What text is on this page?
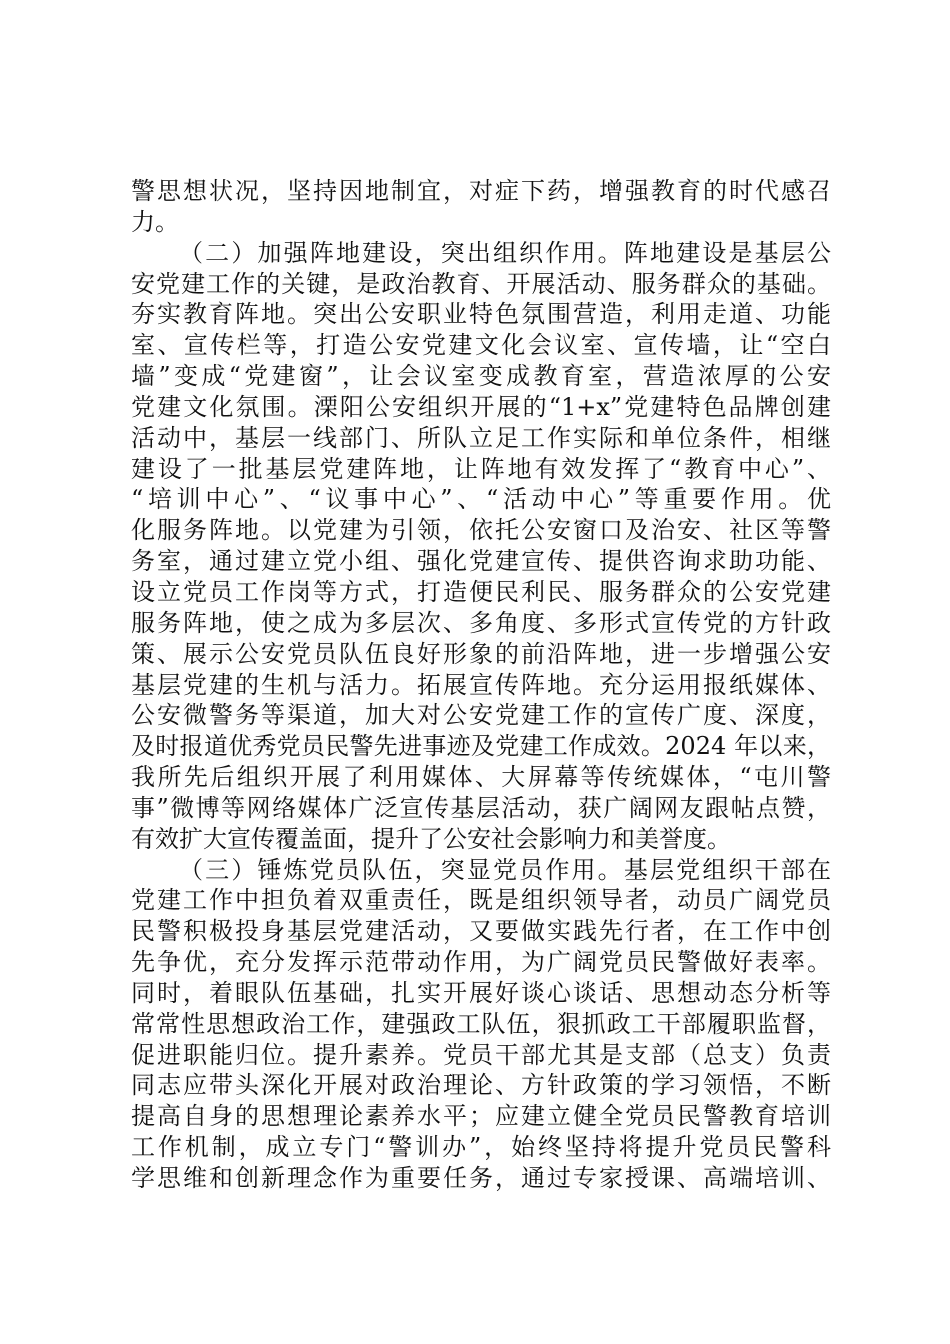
警思想状况，坚持因地制宜，对症下药，增强教育的时代感召
力。
（二）加强阵地建设，突出组织作用。阵地建设是基层公
安党建工作的关键，是政治教育、开展活动、服务群众的基础。
夯实教育阵地。突出公安职业特色氛围营造，利用走道、功能
室、宣传栏等，打造公安党建文化会议室、宣传墙，让“空白
墙”变成“党建窗”，让会议室变成教育室，营造浓厚的公安
党建文化氛围。溧阳公安组织开展的“1+x”党建特色品牌创建
活动中，基层一线部门、所队立足工作实际和单位条件，相继
建设了一批基层党建阵地，让阵地有效发挥了“教育中心”、
“培训中心”、“议事中心”、“活动中心”等重要作用。优
化服务阵地。以党建为引领，依托公安窗口及治安、社区等警
务室，通过建立党小组、强化党建宣传、提供咨询求助功能、
设立党员工作岗等方式，打造便民利民、服务群众的公安党建
服务阵地，使之成为多层次、多角度、多形式宣传党的方针政
策、展示公安党员队伍良好形象的前沿阵地，进一步增强公安
基层党建的生机与活力。拓展宣传阵地。充分运用报纸媒体、
公安微警务等渠道，加大对公安党建工作的宣传广度、深度，
及时报道优秀党员民警先进事迹及党建工作成效。2024 年以来，
我所先后组织开展了利用媒体、大屏幕等传统媒体，“屯川警
事”微博等网络媒体广泛宣传基层活动，获广阔网友跟帖点赞，
有效扩大宣传覆盖面，提升了公安社会影响力和美誉度。
（三）锤炼党员队伍，突显党员作用。基层党组织干部在
党建工作中担负着双重责任，既是组织领导者，动员广阔党员
民警积极投身基层党建活动，又要做实践先行者，在工作中创
先争优，充分发挥示范带动作用，为广阔党员民警做好表率。
同时，着眼队伍基础，扎实开展好谈心谈话、思想动态分析等
常常性思想政治工作，建强政工队伍，狠抓政工干部履职监督，
促进职能归位。提升素养。党员干部尤其是支部（总支）负责
同志应带头深化开展对政治理论、方针政策的学习领悟，不断
提高自身的思想理论素养水平；应建立健全党员民警教育培训
工作机制，成立专门“警训办”，始终坚持将提升党员民警科
学思维和创新理念作为重要任务，通过专家授课、高端培训、
